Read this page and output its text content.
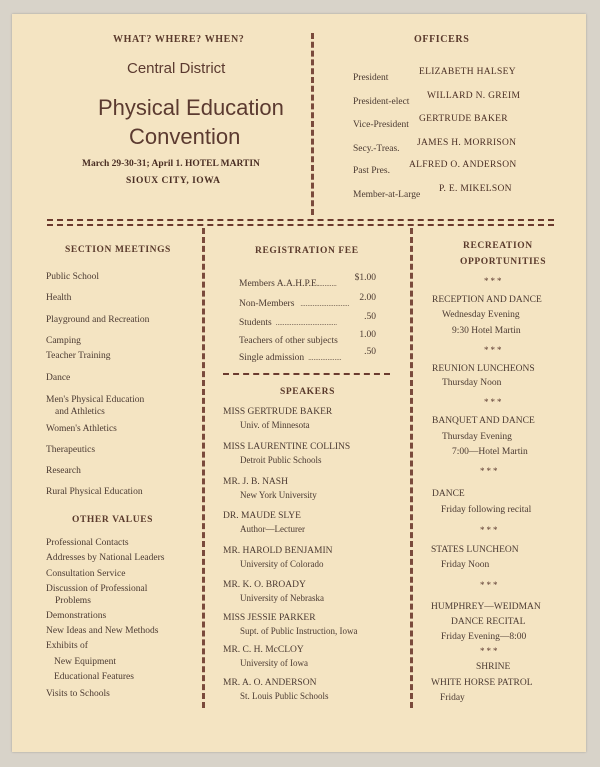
WHAT? WHERE? WHEN?
Central District
Physical Education
Convention
March 29-30-31; April 1. HOTEL MARTIN
SIOUX CITY, IOWA
OFFICERS
President
ELIZABETH HALSEY
President-elect
WILLARD N. GREIM
Vice-President
GERTRUDE BAKER
Secy.-Treas.
JAMES H. MORRISON
Past Pres.
ALFRED O. ANDERSON
Member-at-Large
P. E. MIKELSON
SECTION MEETINGS
Public School
Health
Playground and Recreation
Camping
Teacher Training
Dance
Men's Physical Education
and Athletics
Women's Athletics
Therapeutics
Research
Rural Physical Education
OTHER VALUES
Professional Contacts
Addresses by National Leaders
Consultation Service
Discussion of Professional
Problems
Demonstrations
New Ideas and New Methods
Exhibits of
New Equipment
Educational Features
Visits to Schools
REGISTRATION FEE
Members A.A.H.P.E...........
$1.00
Non-Members ............................
2.00
Students ...................................
.50
Teachers of other subjects
1.00
Single admission ...................
.50
SPEAKERS
MISS GERTRUDE BAKER
Univ. of Minnesota
MISS LAURENTINE COLLINS
Detroit Public Schools
MR. J. B. NASH
New York University
DR. MAUDE SLYE
Author—Lecturer
MR. HAROLD BENJAMIN
University of Colorado
MR. K. O. BROADY
University of Nebraska
MISS JESSIE PARKER
Supt. of Public Instruction, Iowa
MR. C. H. McCLOY
University of Iowa
MR. A. O. ANDERSON
St. Louis Public Schools
RECREATION
OPPORTUNITIES
***
RECEPTION AND DANCE
Wednesday Evening
9:30 Hotel Martin
***
REUNION LUNCHEONS
Thursday Noon
***
BANQUET AND DANCE
Thursday Evening
7:00—Hotel Martin
***
DANCE
Friday following recital
***
STATES LUNCHEON
Friday Noon
***
HUMPHREY—WEIDMAN
DANCE RECITAL
Friday Evening—8:00
***
SHRINE
WHITE HORSE PATROL
Friday
